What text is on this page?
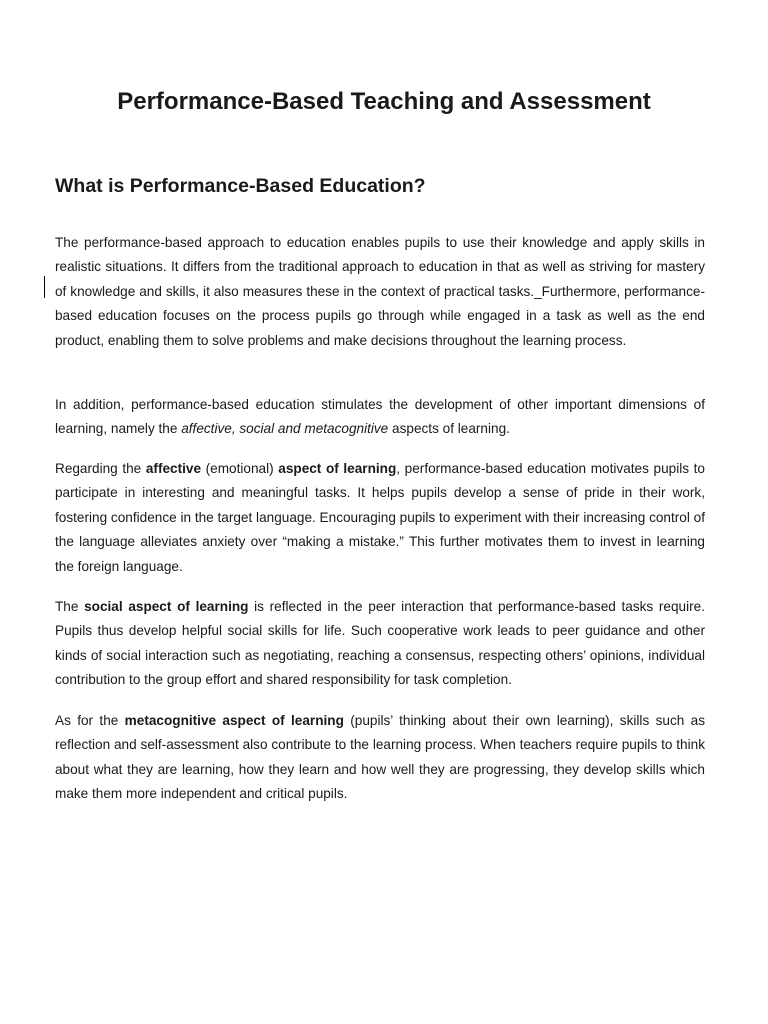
Performance-Based Teaching and Assessment
What is Performance-Based Education?

The performance-based approach to education enables pupils to use their knowledge and apply skills in realistic situations. It differs from the traditional approach to education in that as well as striving for mastery of knowledge and skills, it also measures these in the context of practical tasks._Furthermore, performance-based education focuses on the process pupils go through while engaged in a task as well as the end product, enabling them to solve problems and make decisions throughout the learning process.

In addition, performance-based education stimulates the development of other important dimensions of learning, namely the affective, social and metacognitive aspects of learning.

Regarding the affective (emotional) aspect of learning, performance-based education motivates pupils to participate in interesting and meaningful tasks. It helps pupils develop a sense of pride in their work, fostering confidence in the target language. Encouraging pupils to experiment with their increasing control of the language alleviates anxiety over “making a mistake.” This further motivates them to invest in learning the foreign language.

The social aspect of learning is reflected in the peer interaction that performance-based tasks require. Pupils thus develop helpful social skills for life. Such cooperative work leads to peer guidance and other kinds of social interaction such as negotiating, reaching a consensus, respecting others’ opinions, individual contribution to the group effort and shared responsibility for task completion.

As for the metacognitive aspect of learning (pupils’ thinking about their own learning), skills such as reflection and self-assessment also contribute to the learning process. When teachers require pupils to think about what they are learning, how they learn and how well they are progressing, they develop skills which make them more independent and critical pupils.
